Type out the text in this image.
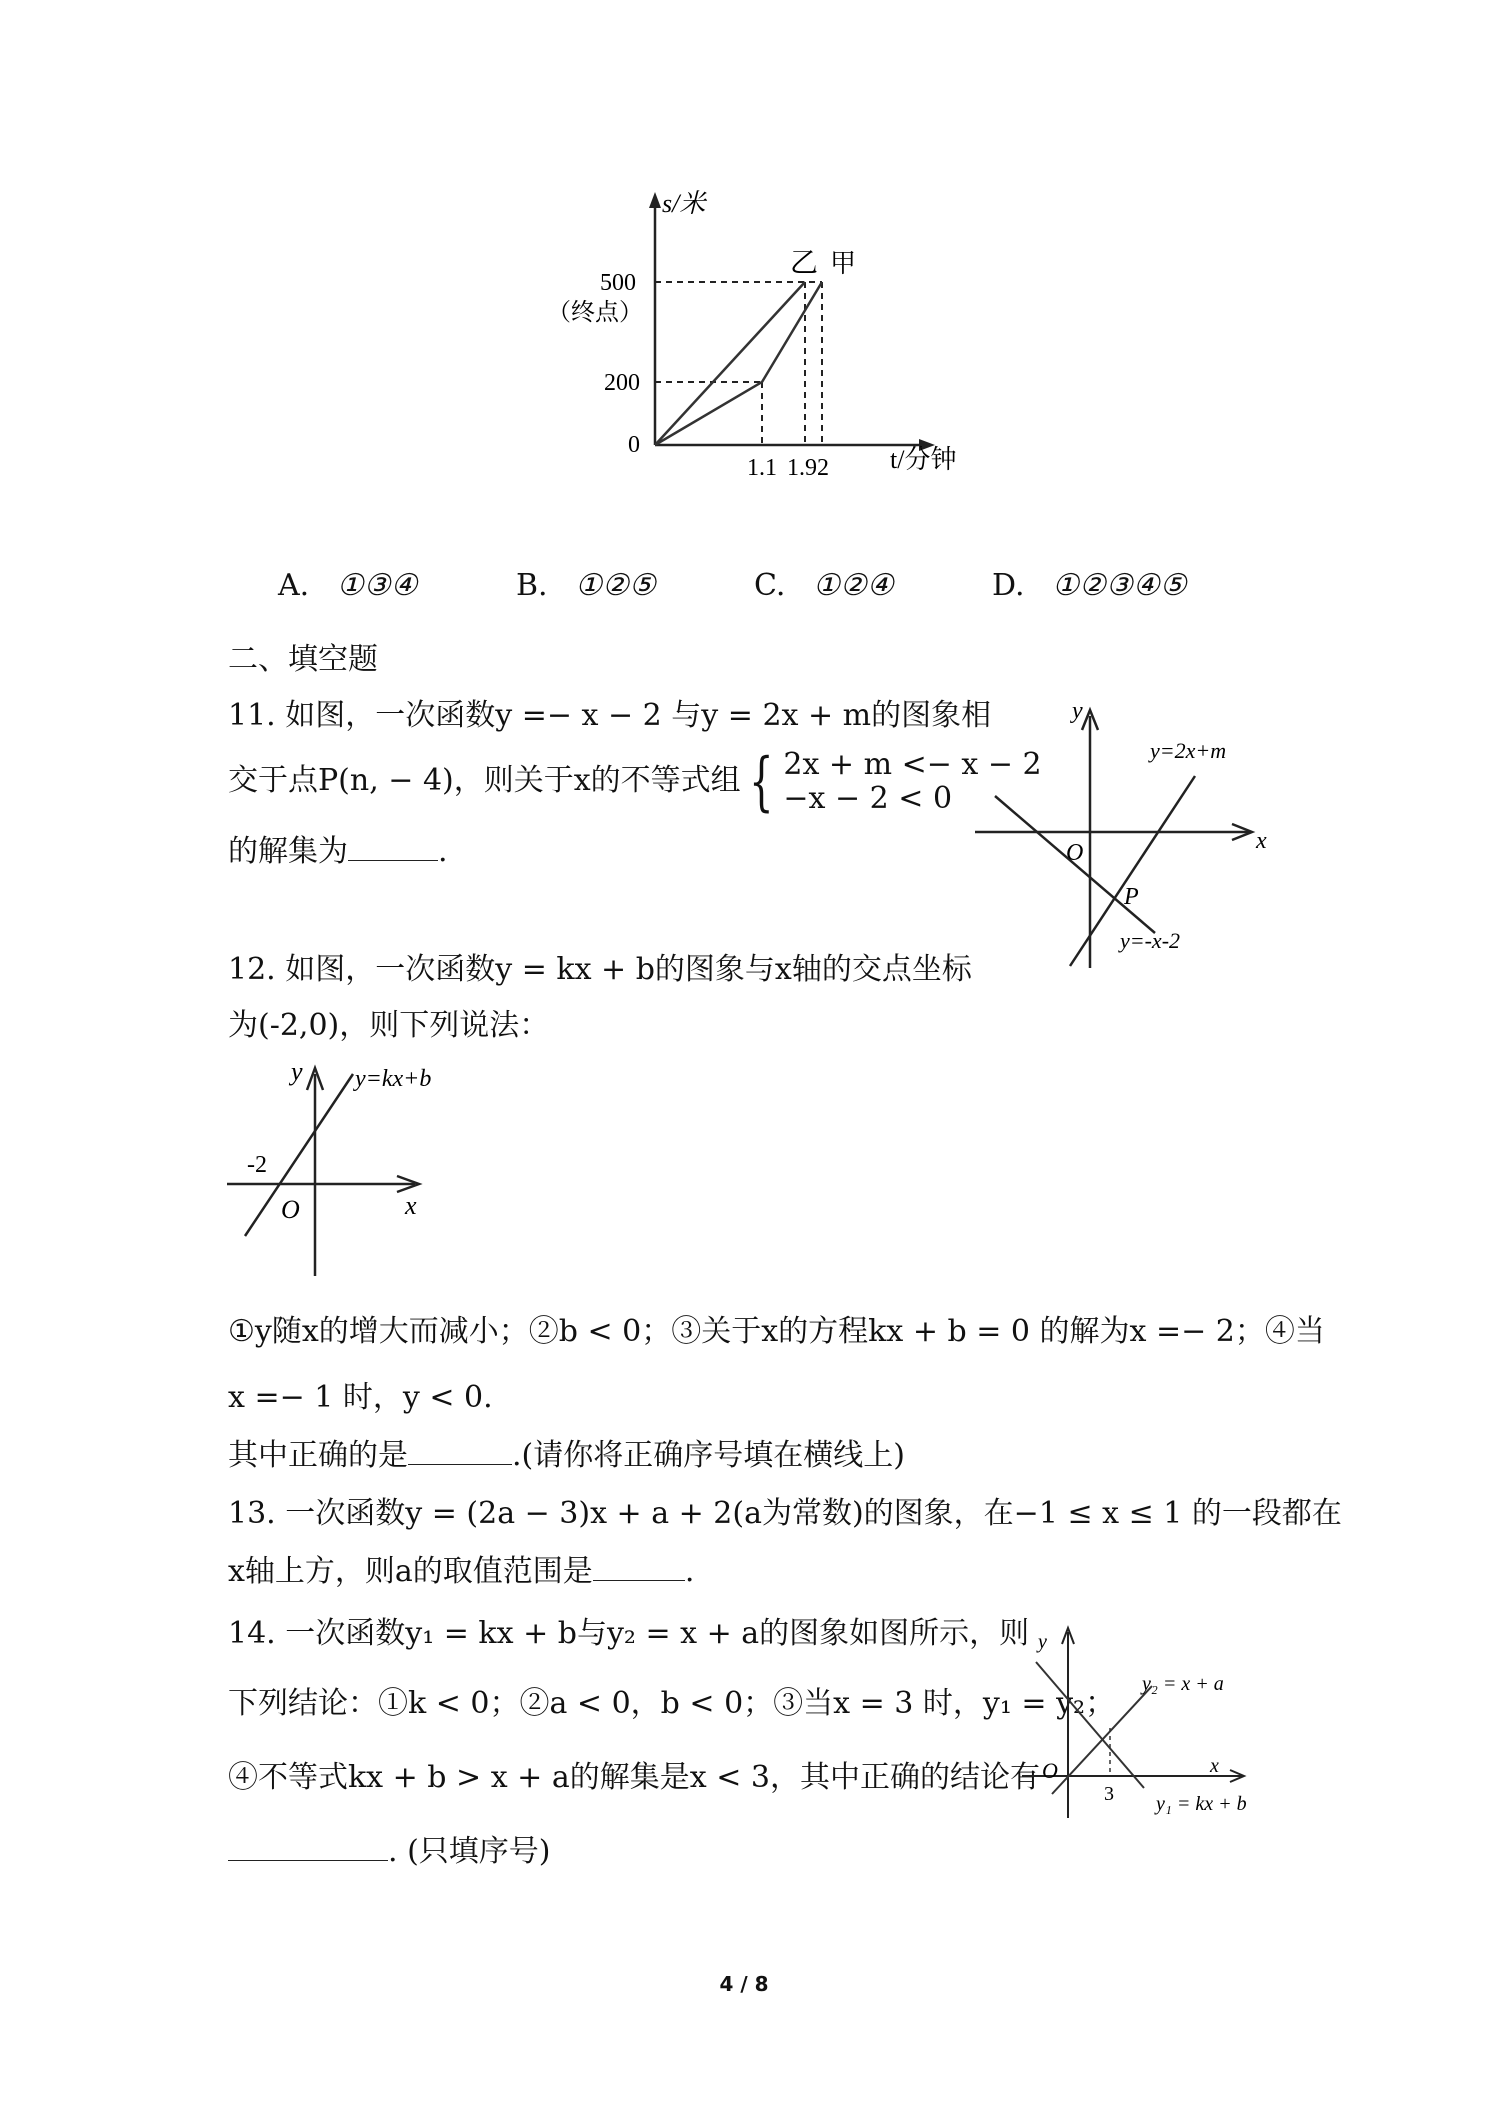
s/米
500
（终点）
200
0
1.1 1.92 t/分钟
乙 甲
A. ①③④	B. ①②⑤	C. ①②④	D. ①②③④⑤
二、填空题
11. 如图，一次函数y =− x − 2 与y = 2x + m的图象相
交于点P(n, − 4)，则关于x的不等式组 { 2x + m <− x − 2
−x − 2 < 0
的解集为	.
y
x
O
P
y=2x+m
y=-x-2
12. 如图，一次函数y = kx + b的图象与x轴的交点坐标
为(-2,0)，则下列说法：
y
x
O
-2
y=kx+b
①y随x的增大而减小；②b < 0；③关于x的方程kx + b = 0 的解为x =− 2；④当
x =− 1 时，y < 0.
其中正确的是	.(请你将正确序号填在横线上)
13. 一次函数y = (2a − 3)x + a + 2(a为常数)的图象，在−1 ≤ x ≤ 1 的一段都在
x轴上方，则a的取值范围是	.
14. 一次函数y₁ = kx + b与y₂ = x + a的图象如图所示，则
下列结论：①k < 0；②a < 0，b < 0；③当x = 3 时，y₁ = y₂；
④不等式kx + b > x + a的解集是x < 3，其中正确的结论有
. (只填序号)
y
x
O
3
y₂ = x + a
y₁ = kx + b
4 / 8
